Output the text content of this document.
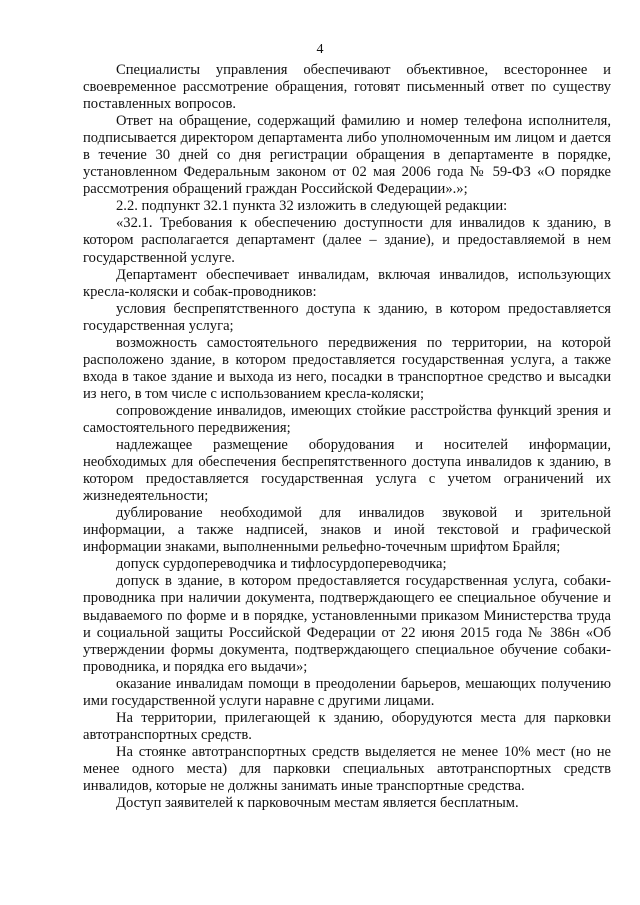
4

Специалисты управления обеспечивают объективное, всестороннее и своевременное рассмотрение обращения, готовят письменный ответ по существу поставленных вопросов.

Ответ на обращение, содержащий фамилию и номер телефона исполнителя, подписывается директором департамента либо уполномоченным им лицом и дается в течение 30 дней со дня регистрации обращения в департаменте в порядке, установленном Федеральным законом от 02 мая 2006 года № 59-ФЗ «О порядке рассмотрения обращений граждан Российской Федерации».»;

2.2. подпункт 32.1 пункта 32 изложить в следующей редакции:

«32.1. Требования к обеспечению доступности для инвалидов к зданию, в котором располагается департамент (далее – здание), и предоставляемой в нем государственной услуге.

Департамент обеспечивает инвалидам, включая инвалидов, использующих кресла-коляски и собак-проводников:

условия беспрепятственного доступа к зданию, в котором предоставляется государственная услуга;

возможность самостоятельного передвижения по территории, на которой расположено здание, в котором предоставляется государственная услуга, а также входа в такое здание и выхода из него, посадки в транспортное средство и высадки из него, в том числе с использованием кресла-коляски;

сопровождение инвалидов, имеющих стойкие расстройства функций зрения и самостоятельного передвижения;

надлежащее размещение оборудования и носителей информации, необходимых для обеспечения беспрепятственного доступа инвалидов к зданию, в котором предоставляется государственная услуга с учетом ограничений их жизнедеятельности;

дублирование необходимой для инвалидов звуковой и зрительной информации, а также надписей, знаков и иной текстовой и графической информации знаками, выполненными рельефно-точечным шрифтом Брайля;

допуск сурдопереводчика и тифлосурдопереводчика;

допуск в здание, в котором предоставляется государственная услуга, собаки-проводника при наличии документа, подтверждающего ее специальное обучение и выдаваемого по форме и в порядке, установленными приказом Министерства труда и социальной защиты Российской Федерации от 22 июня 2015 года № 386н «Об утверждении формы документа, подтверждающего специальное обучение собаки-проводника, и порядка его выдачи»;

оказание инвалидам помощи в преодолении барьеров, мешающих получению ими государственной услуги наравне с другими лицами.

На территории, прилегающей к зданию, оборудуются места для парковки автотранспортных средств.

На стоянке автотранспортных средств выделяется не менее 10% мест (но не менее одного места) для парковки специальных автотранспортных средств инвалидов, которые не должны занимать иные транспортные средства.

Доступ заявителей к парковочным местам является бесплатным.
